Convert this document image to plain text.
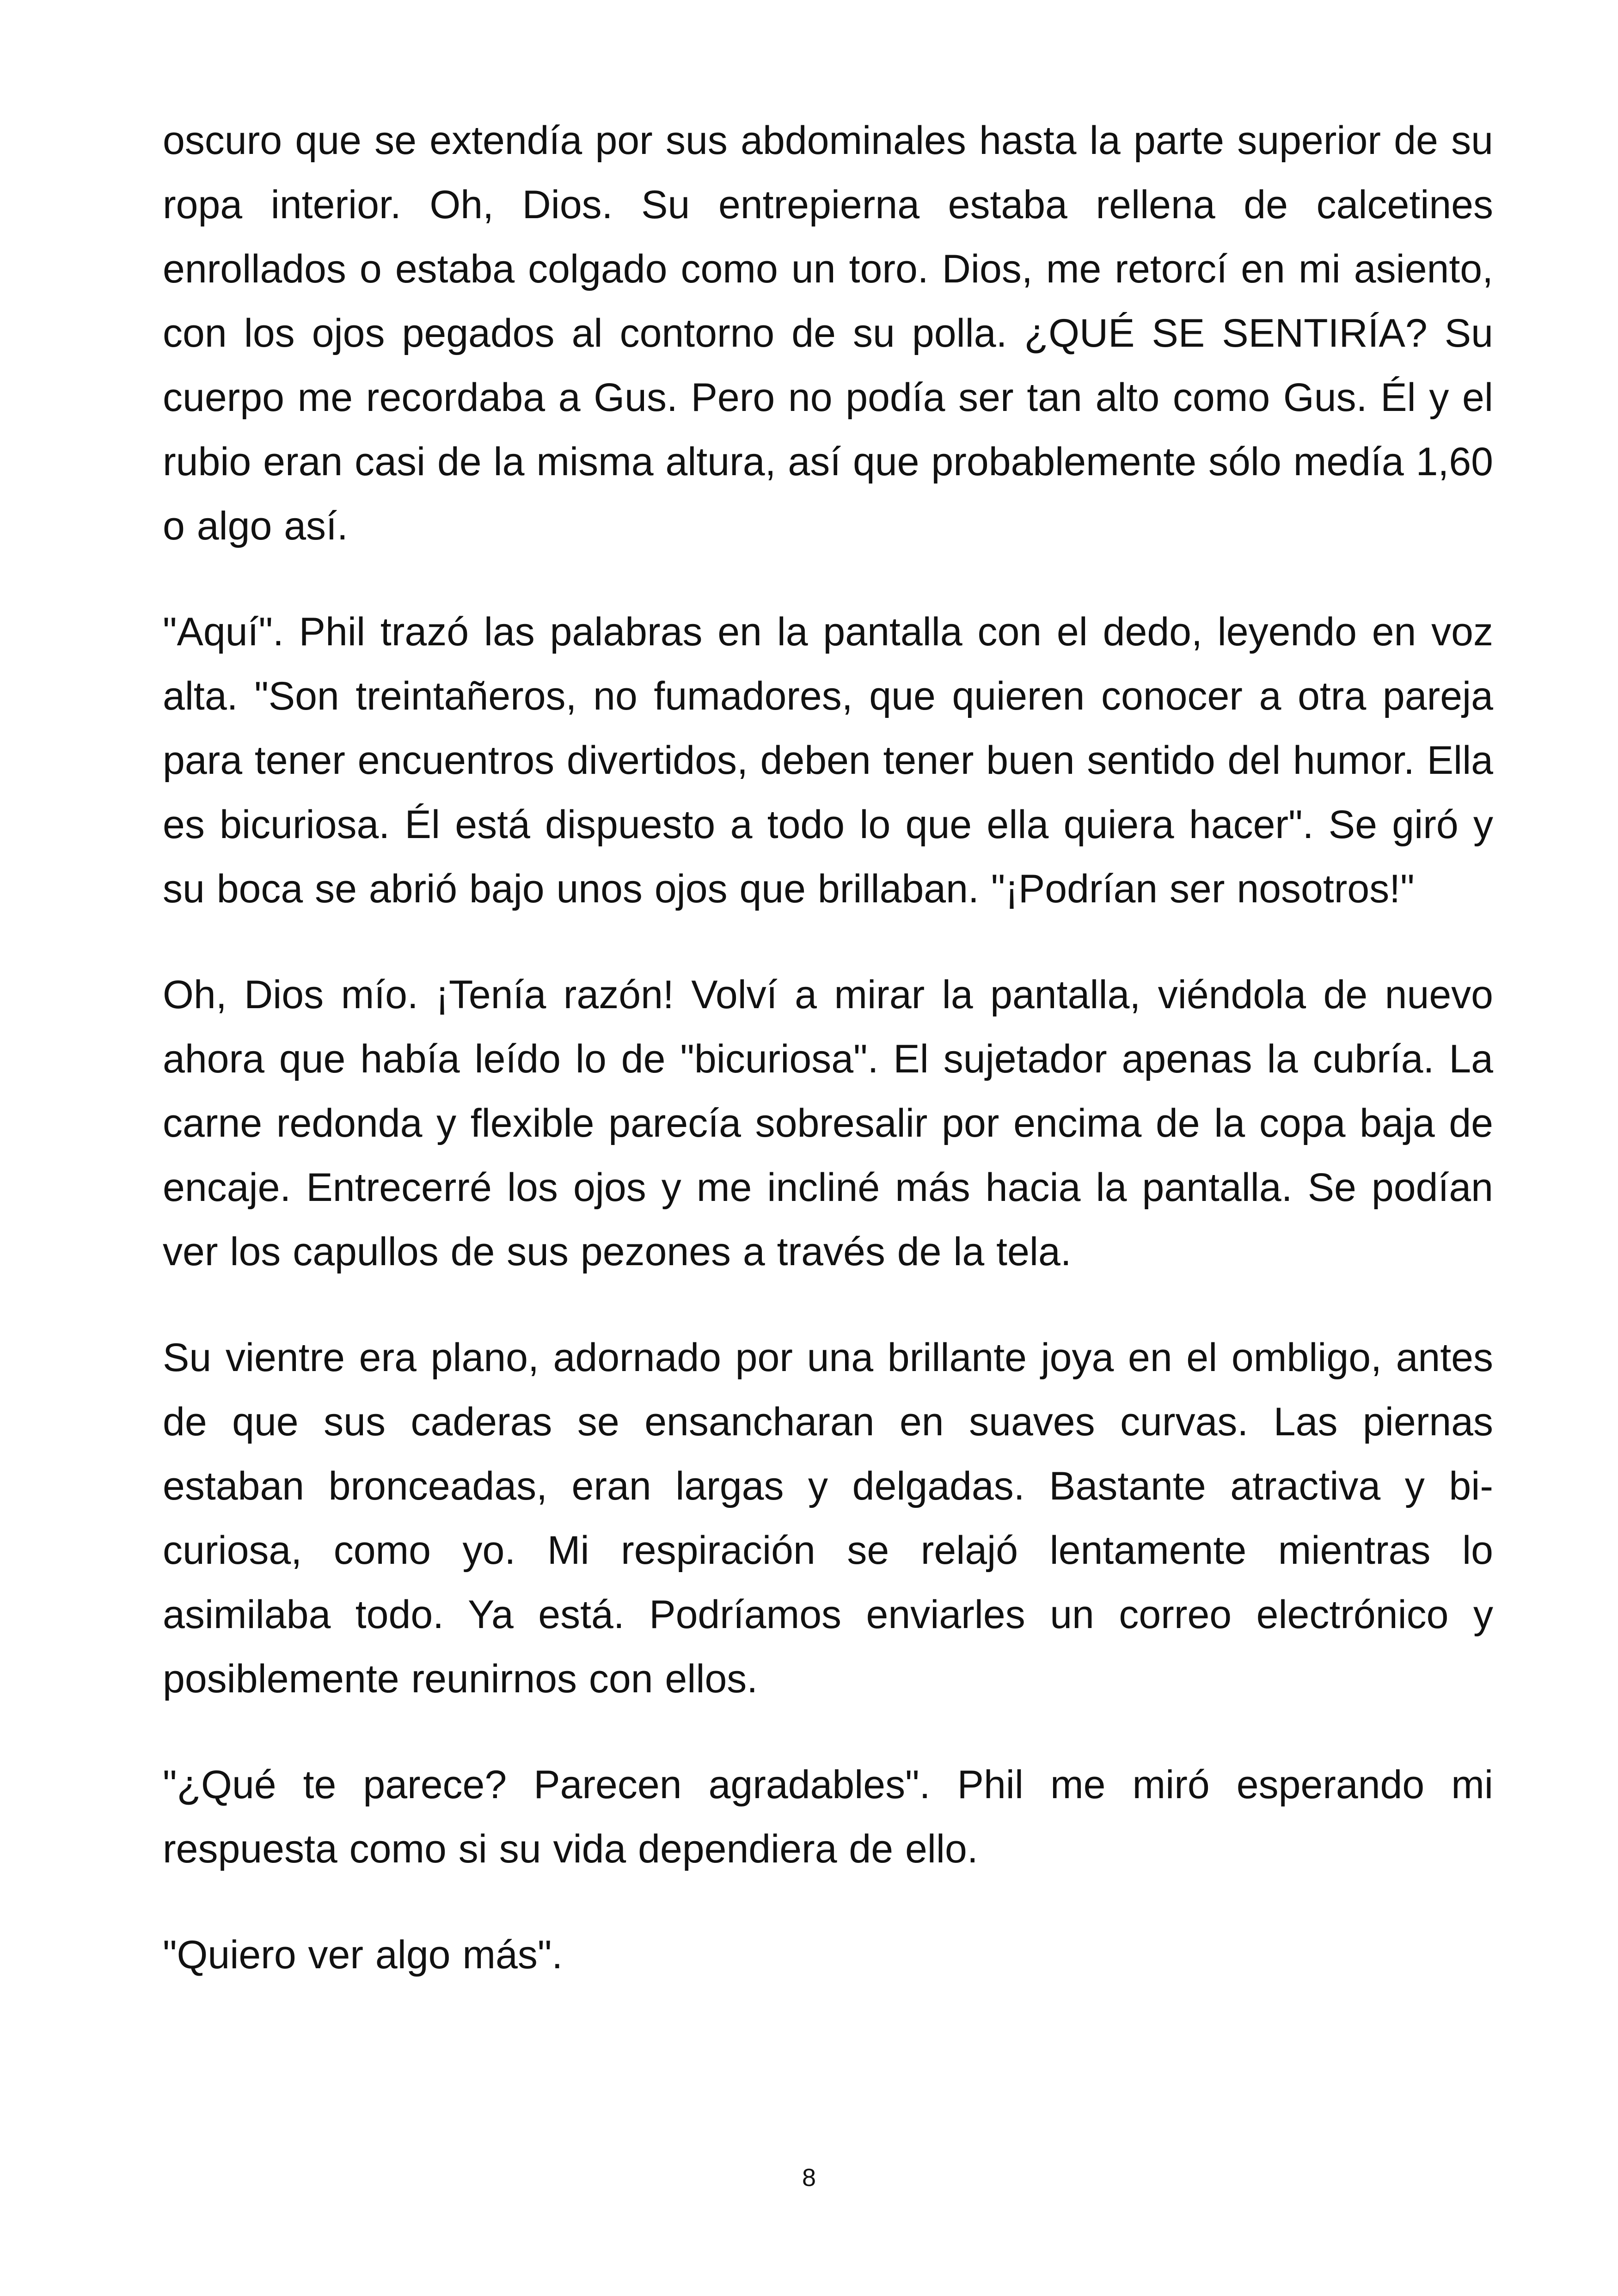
oscuro que se extendía por sus abdominales hasta la parte superior de su ropa interior. Oh, Dios. Su entrepierna estaba rellena de calcetines enrollados o estaba colgado como un toro. Dios, me retorcí en mi asiento, con los ojos pegados al contorno de su polla. ¿QUÉ SE SENTIRÍA? Su cuerpo me recordaba a Gus. Pero no podía ser tan alto como Gus. Él y el rubio eran casi de la misma altura, así que probablemente sólo medía 1,60 o algo así.

"Aquí". Phil trazó las palabras en la pantalla con el dedo, leyendo en voz alta. "Son treintañeros, no fumadores, que quieren conocer a otra pareja para tener encuentros divertidos, deben tener buen sentido del humor. Ella es bicuriosa. Él está dispuesto a todo lo que ella quiera hacer". Se giró y su boca se abrió bajo unos ojos que brillaban. "¡Podrían ser nosotros!"

Oh, Dios mío. ¡Tenía razón! Volví a mirar la pantalla, viéndola de nuevo ahora que había leído lo de "bicuriosa". El sujetador apenas la cubría. La carne redonda y flexible parecía sobresalir por encima de la copa baja de encaje. Entrecerré los ojos y me incliné más hacia la pantalla. Se podían ver los capullos de sus pezones a través de la tela.

Su vientre era plano, adornado por una brillante joya en el ombligo, antes de que sus caderas se ensancharan en suaves curvas. Las piernas estaban bronceadas, eran largas y delgadas. Bastante atractiva y bi-curiosa, como yo. Mi respiración se relajó lentamente mientras lo asimilaba todo. Ya está. Podríamos enviarles un correo electrónico y posiblemente reunirnos con ellos.

"¿Qué te parece? Parecen agradables". Phil me miró esperando mi respuesta como si su vida dependiera de ello.

"Quiero ver algo más".

8
